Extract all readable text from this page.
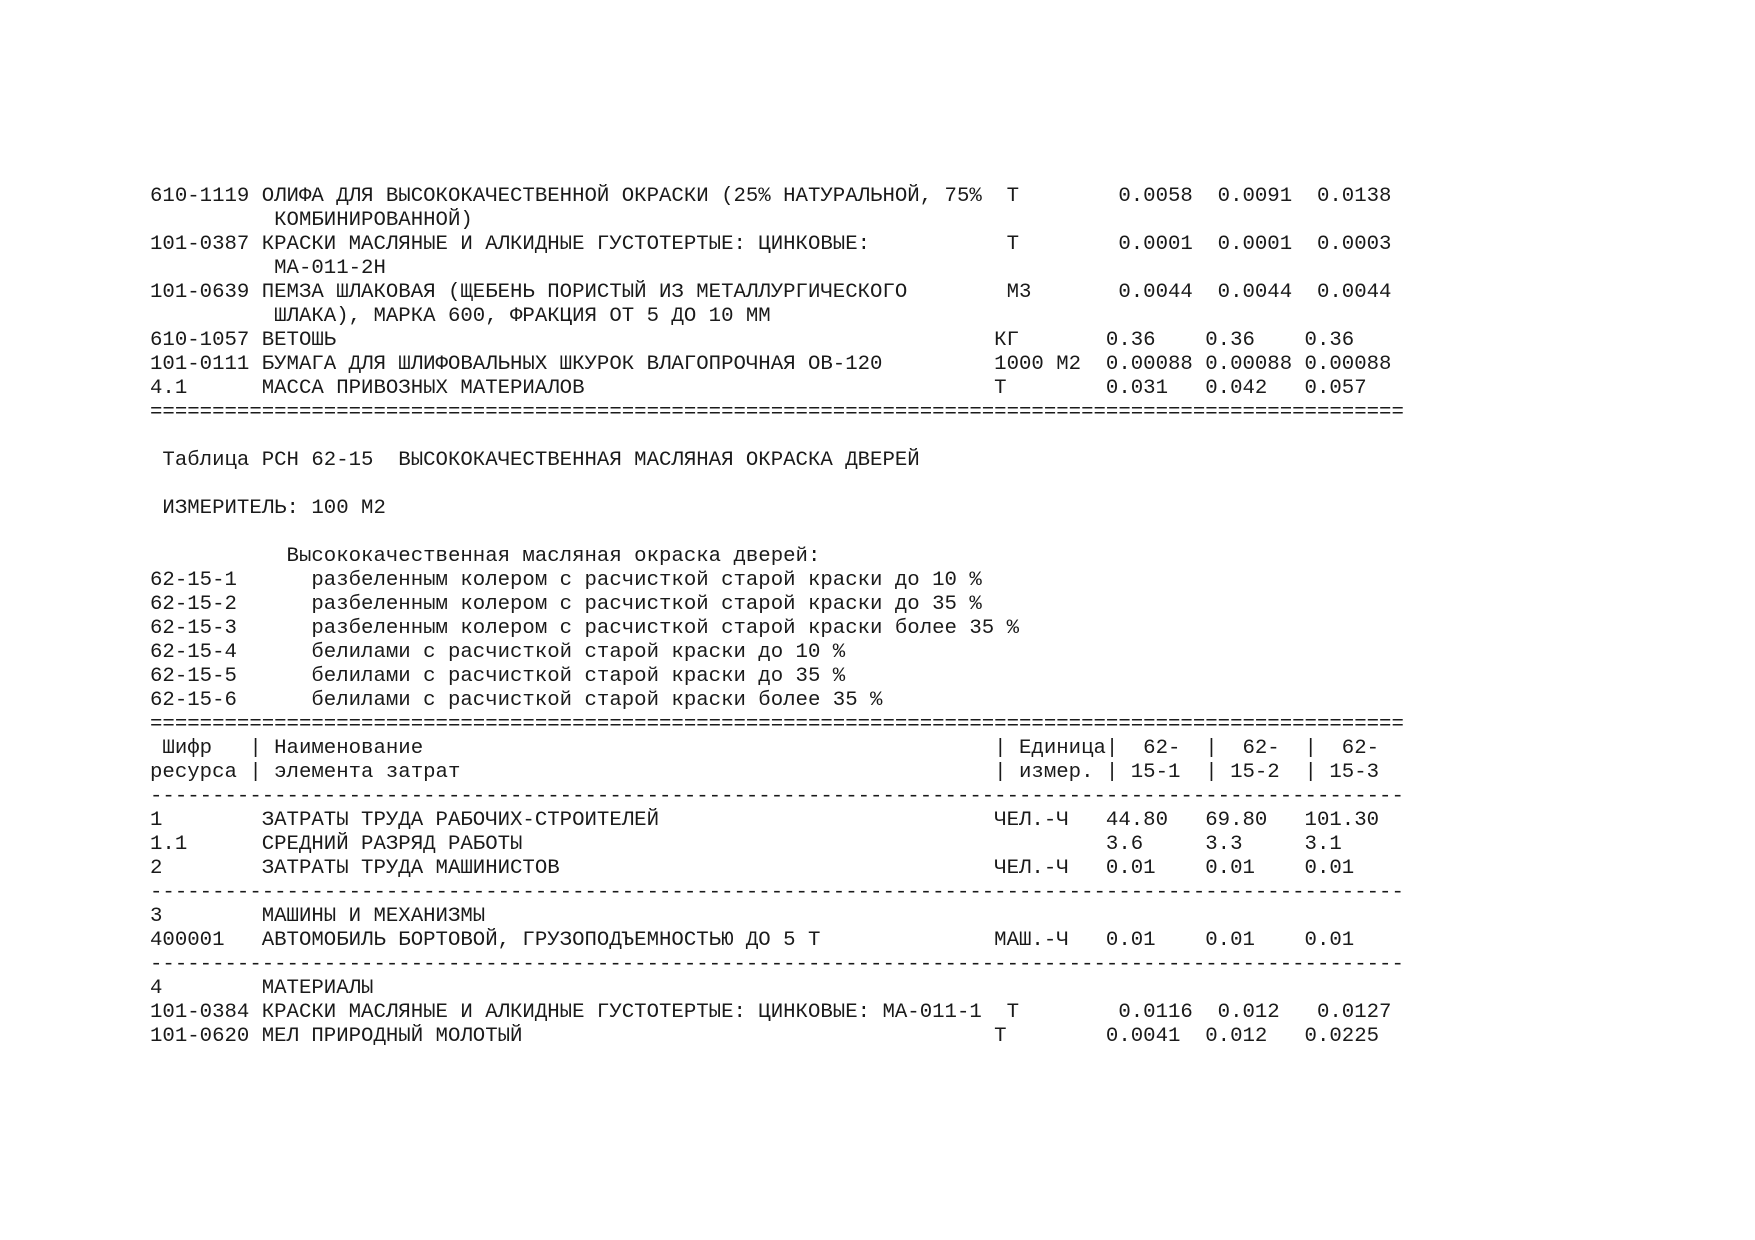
610-1119 ОЛИФА ДЛЯ ВЫСОКОКАЧЕСТВЕННОЙ ОКРАСКИ (25% НАТУРАЛЬНОЙ, 75%  Т        0.0058  0.0091  0.0138
КОМБИНИРОВАННОЙ)
101-0387 КРАСКИ МАСЛЯНЫЕ И АЛКИДНЫЕ ГУСТОТЕРТЫЕ: ЦИНКОВЫЕ:           Т        0.0001  0.0001  0.0003
МА-011-2Н
101-0639 ПЕМЗА ШЛАКОВАЯ (ЩЕБЕНЬ ПОРИСТЫЙ ИЗ МЕТАЛЛУРГИЧЕСКОГО        М3       0.0044  0.0044  0.0044
ШЛАКА), МАРКА 600, ФРАКЦИЯ ОТ 5 ДО 10 ММ
610-1057 ВЕТОШЬ                                                     КГ       0.36    0.36    0.36
101-0111 БУМАГА ДЛЯ ШЛИФОВАЛЬНЫХ ШКУРОК ВЛАГОПРОЧНАЯ ОВ-120         1000 М2  0.00088 0.00088 0.00088
4.1      МАССА ПРИВОЗНЫХ МАТЕРИАЛОВ                                 Т        0.031   0.042   0.057
=====================================================================================================
Таблица РСН 62-15  ВЫСОКОКАЧЕСТВЕННАЯ МАСЛЯНАЯ ОКРАСКА ДВЕРЕЙ
ИЗМЕРИТЕЛЬ: 100 М2
Высококачественная масляная окраска дверей:
62-15-1      разбеленным колером с расчисткой старой краски до 10 %
62-15-2      разбеленным колером с расчисткой старой краски до 35 %
62-15-3      разбеленным колером с расчисткой старой краски более 35 %
62-15-4      белилами с расчисткой старой краски до 10 %
62-15-5      белилами с расчисткой старой краски до 35 %
62-15-6      белилами с расчисткой старой краски более 35 %
=====================================================================================================
Шифр   | Наименование                                              | Единица|  62-  |  62-  |  62-
ресурса | элемента затрат                                           | измер. | 15-1  | 15-2  | 15-3
-----------------------------------------------------------------------------------------------------
1        ЗАТРАТЫ ТРУДА РАБОЧИХ-СТРОИТЕЛЕЙ                           ЧЕЛ.-Ч   44.80   69.80   101.30
1.1      СРЕДНИЙ РАЗРЯД РАБОТЫ                                               3.6     3.3     3.1
2        ЗАТРАТЫ ТРУДА МАШИНИСТОВ                                   ЧЕЛ.-Ч   0.01    0.01    0.01
-----------------------------------------------------------------------------------------------------
3        МАШИНЫ И МЕХАНИЗМЫ
400001   АВТОМОБИЛЬ БОРТОВОЙ, ГРУЗОПОДЪЕМНОСТЬЮ ДО 5 Т              МАШ.-Ч   0.01    0.01    0.01
-----------------------------------------------------------------------------------------------------
4        МАТЕРИАЛЫ
101-0384 КРАСКИ МАСЛЯНЫЕ И АЛКИДНЫЕ ГУСТОТЕРТЫЕ: ЦИНКОВЫЕ: МА-011-1  Т        0.0116  0.012   0.0127
101-0620 МЕЛ ПРИРОДНЫЙ МОЛОТЫЙ                                      Т        0.0041  0.012   0.0225
